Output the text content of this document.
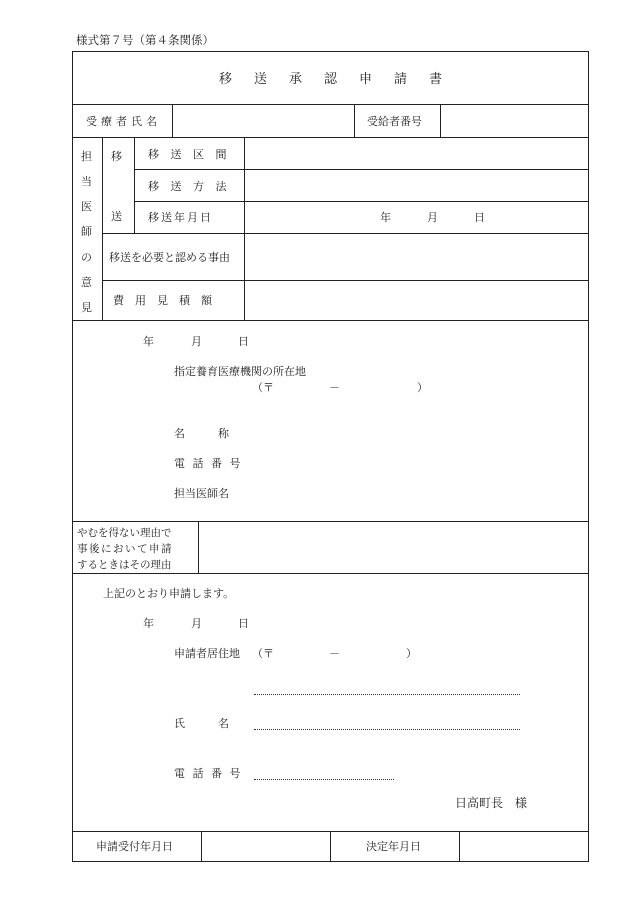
様式第７号（第４条関係）
移送承認申請書
受療者氏名	受給者番号
担
当
医
師
の
意
見
移
送
移 送 区 間
移 送 方 法
移送年月日	年	月	日
移送を必要と認める事由
費　用　見　積　額
年	月	日
指定養育医療機関の所在地
（〒　　　　　－　　　　　　　）
名　　　称
電 話 番 号
担当医師名
やむを得ない理由で
事後において申請
するときはその理由
上記のとおり申請します。
年	月	日
申請者居住地 （〒　　　　　－　　　　　　）
氏　　　名
電 話 番 号
日高町長　様
申請受付年月日	決定年月日
